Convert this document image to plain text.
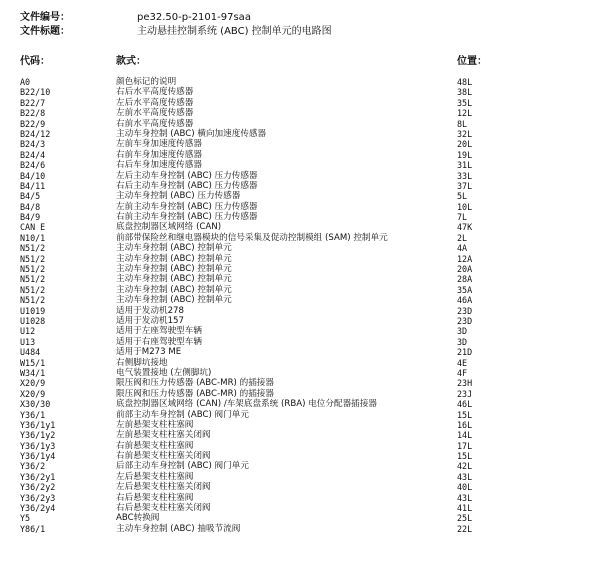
文件编号：	pe32.50-p-2101-97saa
文件标题：	主动悬挂控制系统 (ABC) 控制单元的电路图
代码：	款式：	位置：
A0	颜色标记的说明	48L
B22/10	右后水平高度传感器	38L
B22/7	左后水平高度传感器	35L
B22/8	左前水平高度传感器	12L
B22/9	右前水平高度传感器	8L
B24/12	主动车身控制 (ABC) 横向加速度传感器	32L
B24/3	左前车身加速度传感器	20L
B24/4	右前车身加速度传感器	19L
B24/6	右后车身加速度传感器	31L
B4/10	左后主动车身控制 (ABC) 压力传感器	33L
B4/11	右后主动车身控制 (ABC) 压力传感器	37L
B4/5	主动车身控制 (ABC) 压力传感器	5L
B4/8	左前主动车身控制 (ABC) 压力传感器	10L
B4/9	右前主动车身控制 (ABC) 压力传感器	7L
CAN E	底盘控制器区域网络 (CAN)	47K
N10/1	前部带保险丝和继电器模块的信号采集及促动控制模组 (SAM) 控制单元	2L
N51/2	主动车身控制 (ABC) 控制单元	4A
N51/2	主动车身控制 (ABC) 控制单元	12A
N51/2	主动车身控制 (ABC) 控制单元	20A
N51/2	主动车身控制 (ABC) 控制单元	28A
N51/2	主动车身控制 (ABC) 控制单元	35A
N51/2	主动车身控制 (ABC) 控制单元	46A
U1019	适用于发动机278	23D
U1028	适用于发动机157	23D
U12	适用于左座驾驶型车辆	3D
U13	适用于右座驾驶型车辆	3D
U484	适用于M273 ME	21D
W15/1	右侧脚坑接地	4E
W34/1	电气装置接地 (左侧脚坑)	4F
X20/9	限压阀和压力传感器 (ABC-MR) 的插接器	23H
X20/9	限压阀和压力传感器 (ABC-MR) 的插接器	23J
X30/30	底盘控制器区域网络 (CAN) /车架底盘系统 (RBA) 电位分配器插接器	46L
Y36/1	前部主动车身控制 (ABC) 阀门单元	15L
Y36/1y1	左前悬架支柱柱塞阀	16L
Y36/1y2	左前悬架支柱柱塞关闭阀	14L
Y36/1y3	右前悬架支柱柱塞阀	17L
Y36/1y4	右前悬架支柱柱塞关闭阀	15L
Y36/2	后部主动车身控制 (ABC) 阀门单元	42L
Y36/2y1	左后悬架支柱柱塞阀	43L
Y36/2y2	左后悬架支柱柱塞关闭阀	40L
Y36/2y3	右后悬架支柱柱塞阀	43L
Y36/2y4	右后悬架支柱柱塞关闭阀	41L
Y5	ABC转换阀	25L
Y86/1	主动车身控制 (ABC) 抽吸节流阀	22L
